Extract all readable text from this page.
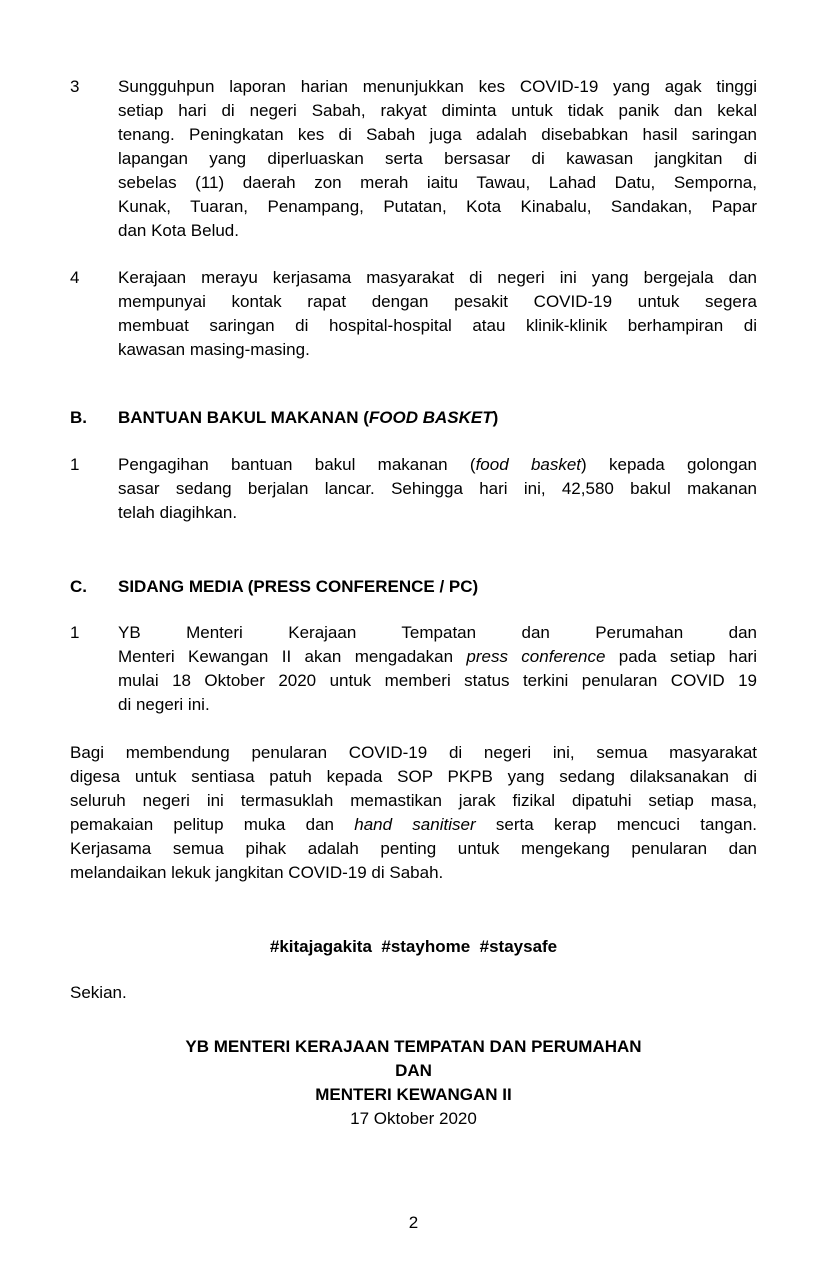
3	Sungguhpun laporan harian menunjukkan kes COVID-19 yang agak tinggi
setiap hari di negeri Sabah, rakyat diminta untuk tidak panik dan kekal
tenang. Peningkatan kes di Sabah juga adalah disebabkan hasil saringan
lapangan yang diperluaskan serta bersasar di kawasan jangkitan di
sebelas (11) daerah zon merah iaitu Tawau, Lahad Datu, Semporna,
Kunak, Tuaran, Penampang, Putatan, Kota Kinabalu, Sandakan, Papar
dan Kota Belud.
4	Kerajaan merayu kerjasama masyarakat di negeri ini yang bergejala dan
mempunyai kontak rapat dengan pesakit COVID-19 untuk segera
membuat saringan di hospital-hospital atau klinik-klinik berhampiran di
kawasan masing-masing.
B.	BANTUAN BAKUL MAKANAN (FOOD BASKET)
1	Pengagihan bantuan bakul makanan (food basket) kepada golongan
sasar sedang berjalan lancar. Sehingga hari ini, 42,580 bakul makanan
telah diagihkan.
C.	SIDANG MEDIA (PRESS CONFERENCE / PC)
1	YB Menteri Kerajaan Tempatan dan Perumahan dan
Menteri Kewangan II akan mengadakan press conference pada setiap hari
mulai 18 Oktober 2020 untuk memberi status terkini penularan COVID 19
di negeri ini.
Bagi membendung penularan COVID-19 di negeri ini, semua masyarakat
digesa untuk sentiasa patuh kepada SOP PKPB yang sedang dilaksanakan di
seluruh negeri ini termasuklah memastikan jarak fizikal dipatuhi setiap masa,
pemakaian pelitup muka dan hand sanitiser serta kerap mencuci tangan.
Kerjasama semua pihak adalah penting untuk mengekang penularan dan
melandaikan lekuk jangkitan COVID-19 di Sabah.
#kitajagakita  #stayhome  #staysafe
Sekian.
YB MENTERI KERAJAAN TEMPATAN DAN PERUMAHAN
DAN
MENTERI KEWANGAN II
17 Oktober 2020
2
